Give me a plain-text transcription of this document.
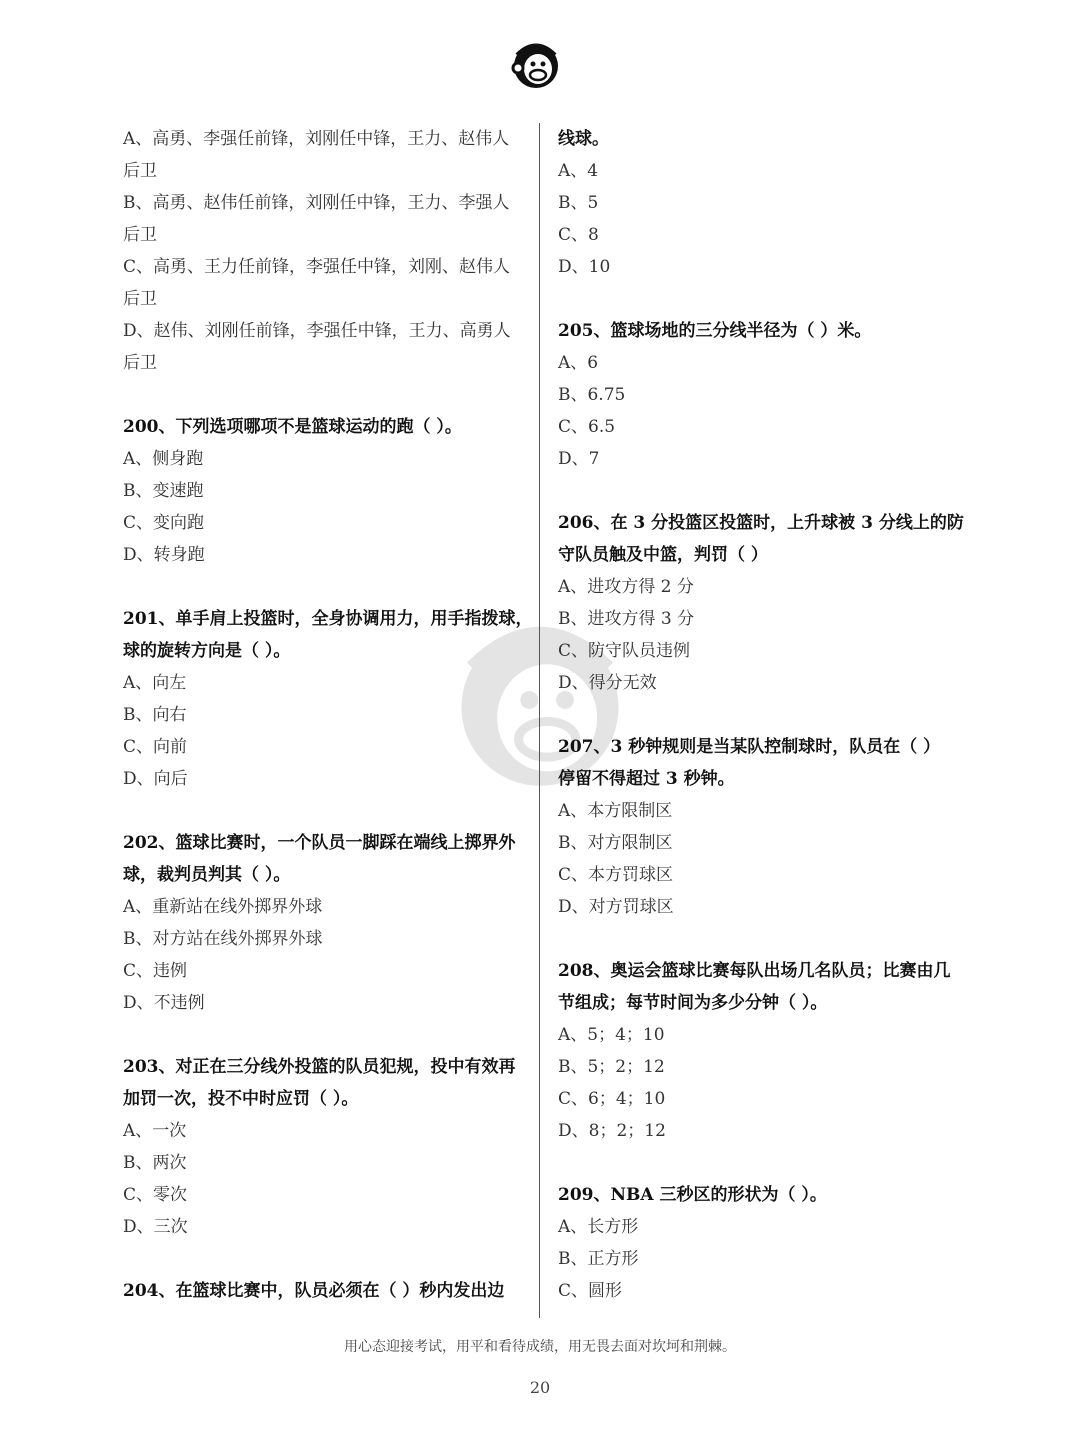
A、高勇、李强任前锋，刘刚任中锋，王力、赵伟人
后卫
B、高勇、赵伟任前锋，刘刚任中锋，王力、李强人
后卫
C、高勇、王力任前锋，李强任中锋，刘刚、赵伟人
后卫
D、赵伟、刘刚任前锋，李强任中锋，王力、高勇人
后卫
200、下列选项哪项不是篮球运动的跑（ ）。
A、侧身跑
B、变速跑
C、变向跑
D、转身跑
201、单手肩上投篮时，全身协调用力，用手指拨球，
球的旋转方向是（ ）。
A、向左
B、向右
C、向前
D、向后
202、篮球比赛时，一个队员一脚踩在端线上掷界外
球，裁判员判其（ ）。
A、重新站在线外掷界外球
B、对方站在线外掷界外球
C、违例
D、不违例
203、对正在三分线外投篮的队员犯规，投中有效再
加罚一次，投不中时应罚（ ）。
A、一次
B、两次
C、零次
D、三次
204、在篮球比赛中，队员必须在（ ）秒内发出边
线球。
A、4
B、5
C、8
D、10
205、篮球场地的三分线半径为（ ）米。
A、6
B、6.75
C、6.5
D、7
206、在 3 分投篮区投篮时，上升球被 3 分线上的防
守队员触及中篮，判罚（ ）
A、进攻方得 2 分
B、进攻方得 3 分
C、防守队员违例
D、得分无效
207、3 秒钟规则是当某队控制球时，队员在（ ）
停留不得超过 3 秒钟。
A、本方限制区
B、对方限制区
C、本方罚球区
D、对方罚球区
208、奥运会篮球比赛每队出场几名队员；比赛由几
节组成；每节时间为多少分钟（ ）。
A、5；4；10
B、5；2；12
C、6；4；10
D、8；2；12
209、NBA 三秒区的形状为（ ）。
A、长方形
B、正方形
C、圆形
用心态迎接考试，用平和看待成绩，用无畏去面对坎坷和荆棘。
20
